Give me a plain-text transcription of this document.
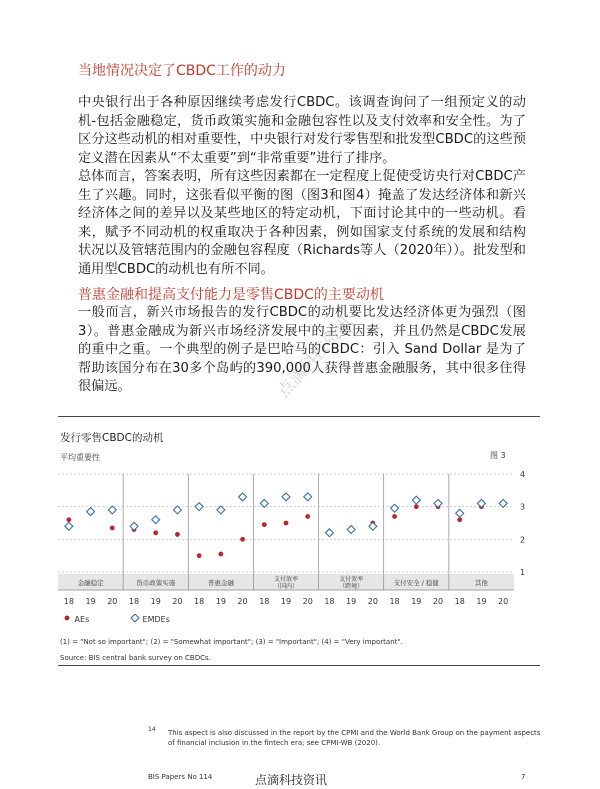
当地情况决定了CBDC工作的动力

中央银行出于各种原因继续考虑发行CBDC。该调查询问了一组预定义的动机-包括金融稳定，货币政策实施和金融包容性以及支付效率和安全性。为了区分这些动机的相对重要性，中央银行对发行零售型和批发型CBDC的这些预定义潜在因素从“不太重要”到“非常重要”进行了排序。

总体而言，答案表明，所有这些因素都在一定程度上促使受访央行对CBDC产生了兴趣。同时，这张看似平衡的图（图3和图4）掩盖了发达经济体和新兴经济体之间的差异以及某些地区的特定动机，下面讨论其中的一些动机。看来，赋予不同动机的权重取决于各种因素，例如国家支付系统的发展和结构状况以及管辖范围内的金融包容程度（Richards等人（2020年））。批发型和通用型CBDC的动机也有所不同。

普惠金融和提高支付能力是零售CBDC的主要动机

一般而言，新兴市场报告的发行CBDC的动机要比发达经济体更为强烈（图3）。普惠金融成为新兴市场经济发展中的主要因素，并且仍然是CBDC发展的重中之重。一个典型的例子是巴哈马的CBDC：引入 Sand Dollar 是为了帮助该国分布在30多个岛屿的390,000人获得普惠金融服务，其中很多住得很偏远。

发行零售CBDC的动机
平均重要性	图 3
1
2
3
4
金融稳定
18 19 20
货币政策实施
18 19 20
普惠金融
18 19 20
支付效率
（国内）
18 19 20
支付效率
（跨境）
18 19 20
支付安全 / 稳健
18 19 20
其他
18 19 20
AEs	EMDEs
(1) = "Not so important"; (2) = "Somewhat important"; (3) = "Important"; (4) = "Very important".
Source: BIS central bank survey on CBDCs.
14 This aspect is also discussed in the report by the CPMI and the World Bank Group on the payment aspects of financial inclusion in the fintech era; see CPMI-WB (2020).
BIS Papers No 114	点滴科技资讯	7
点滴科技资讯
